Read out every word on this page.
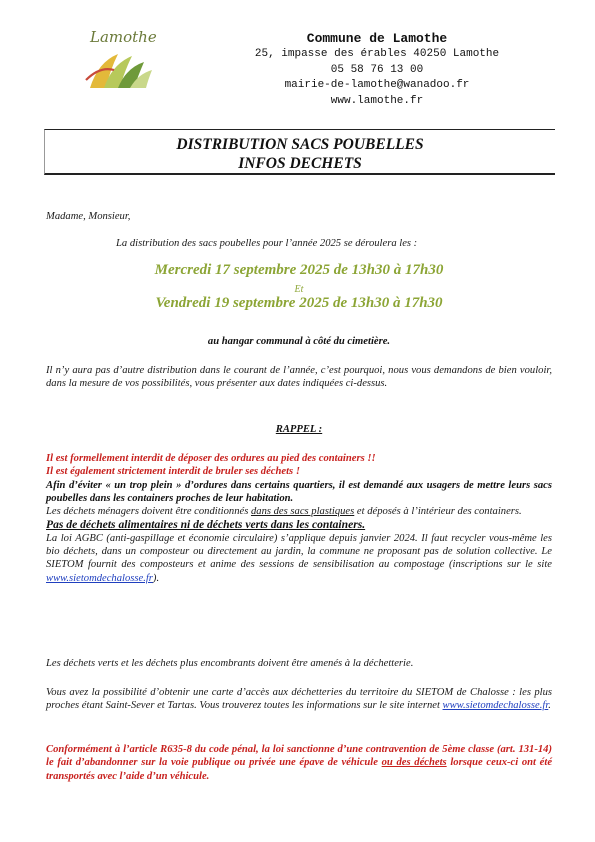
Lamothe	Commune de Lamothe
25, impasse des érables 40250 Lamothe
05 58 76 13 00
mairie-de-lamothe@wanadoo.fr
www.lamothe.fr
DISTRIBUTION SACS POUBELLES
INFOS DECHETS
Madame, Monsieur,
La distribution des sacs poubelles pour l’année 2025 se déroulera les :
Mercredi 17 septembre 2025 de 13h30 à 17h30
Et
Vendredi 19 septembre 2025 de 13h30 à 17h30
au hangar communal à côté du cimetière.
Il n’y aura pas d’autre distribution dans le courant de l’année, c’est pourquoi, nous vous demandons de bien vouloir, dans la mesure de vos possibilités, vous présenter aux dates indiquées ci-dessus.
RAPPEL :

Il est formellement interdit de déposer des ordures au pied des containers !!

Il est également strictement interdit de bruler ses déchets !

Afin d’éviter « un trop plein » d’ordures dans certains quartiers, il est demandé aux usagers de mettre leurs sacs poubelles dans les containers proches de leur habitation.

Les déchets ménagers doivent être conditionnés dans des sacs plastiques et déposés à l’intérieur des containers.

Pas de déchets alimentaires ni de déchets verts dans les containers.

La loi AGBC (anti-gaspillage et économie circulaire) s’applique depuis janvier 2024. Il faut recycler vous-même les bio déchets, dans un composteur ou directement au jardin, la commune ne proposant pas de solution collective. Le SIETOM fournit des composteurs et anime des sessions de sensibilisation au compostage (inscriptions sur le site www.sietomdechalosse.fr).

Les déchets verts et les déchets plus encombrants doivent être amenés à la déchetterie.
Vous avez la possibilité d’obtenir une carte d’accès aux déchetteries du territoire du SIETOM de Chalosse : les plus proches étant Saint-Sever et Tartas. Vous trouverez toutes les informations sur le site internet www.sietomdechalosse.fr.
Conformément à l’article R635-8 du code pénal, la loi sanctionne d’une contravention de 5ème classe (art. 131-14) le fait d’abandonner sur la voie publique ou privée une épave de véhicule ou des déchets lorsque ceux-ci ont été transportés avec l’aide d’un véhicule.
